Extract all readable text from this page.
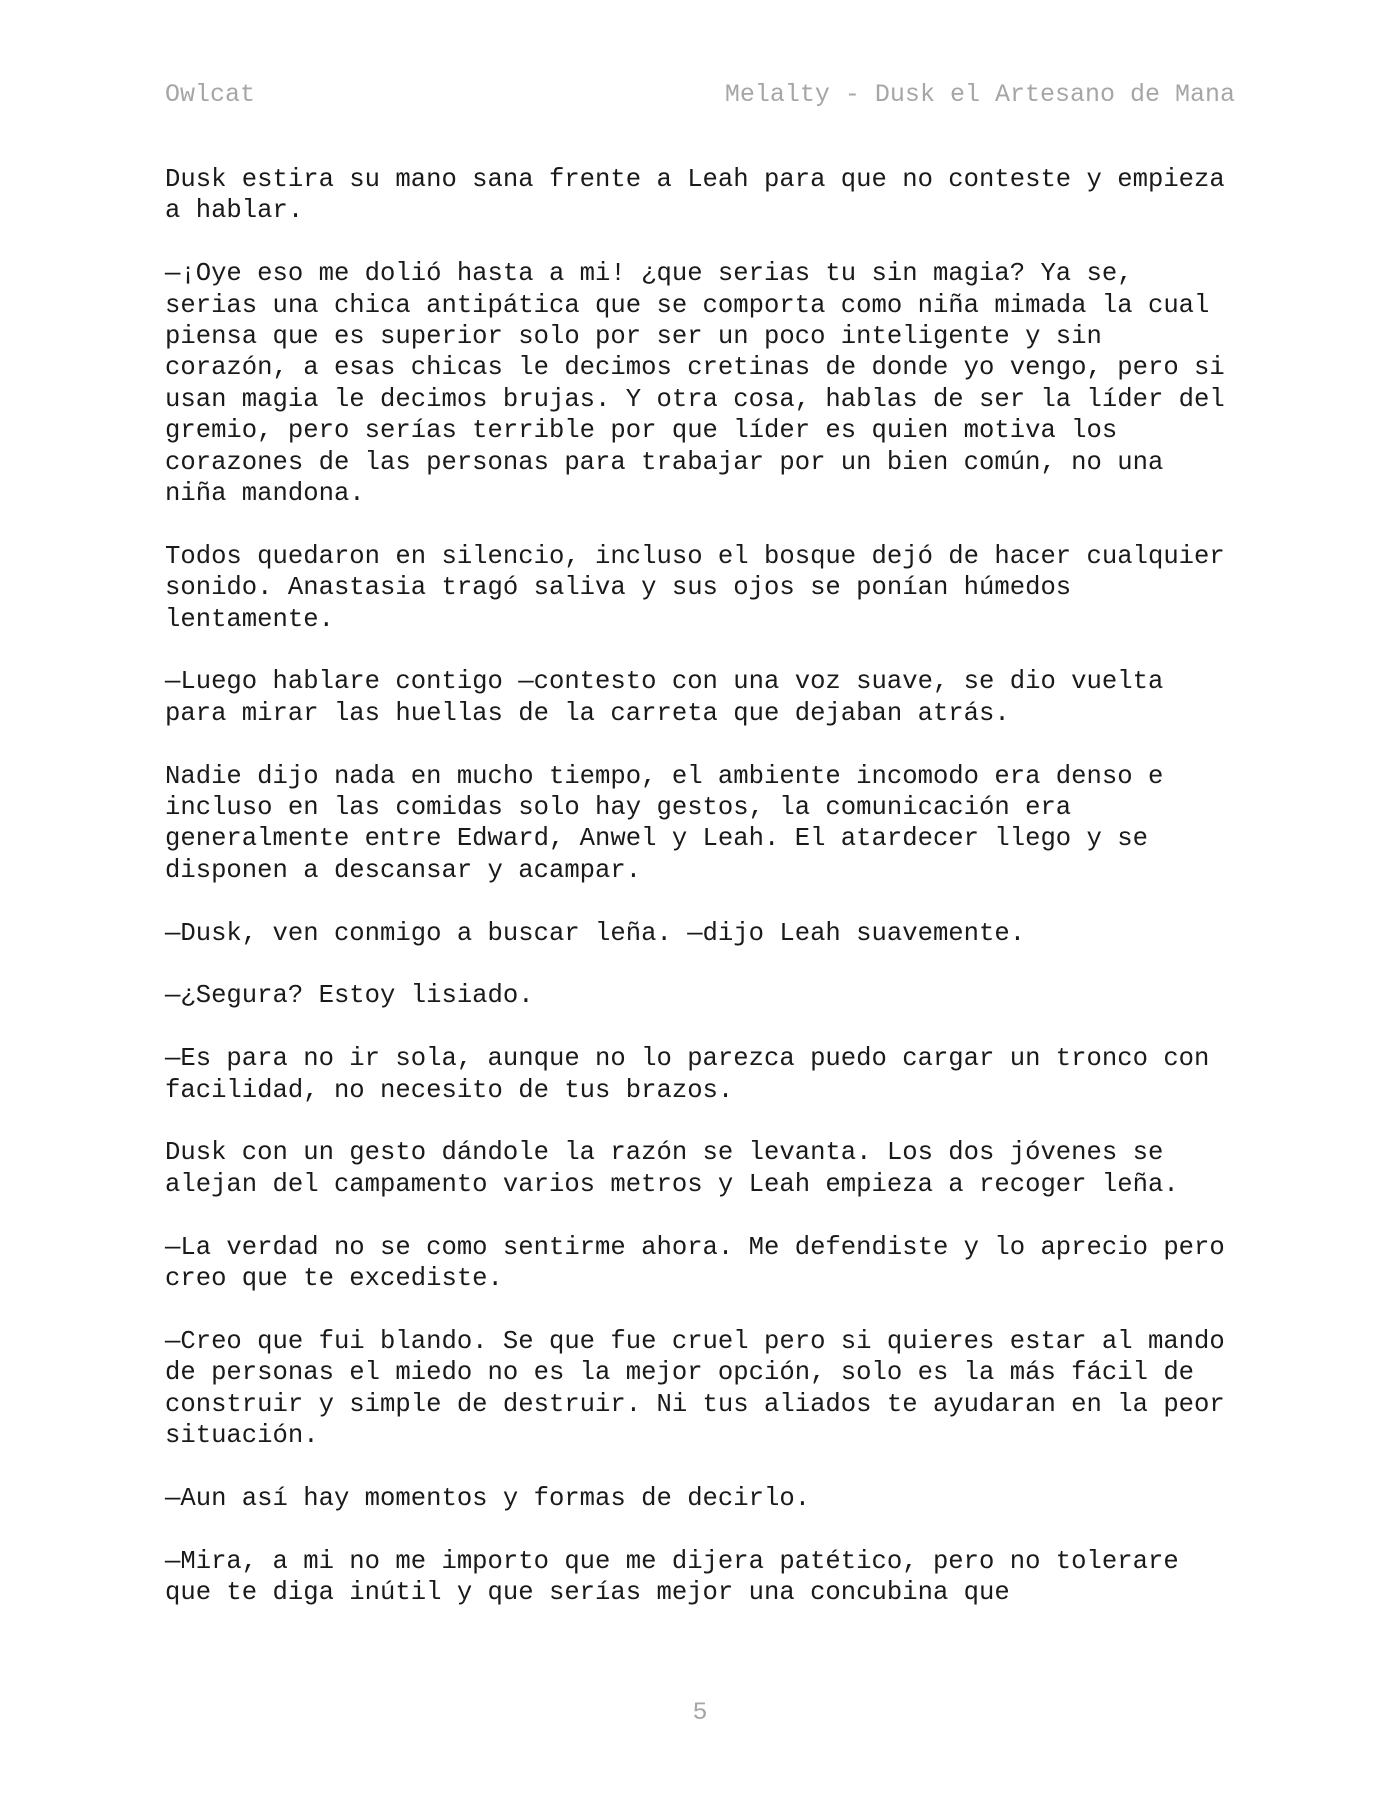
Owlcat	Melalty - Dusk el Artesano de Mana

Dusk estira su mano sana frente a Leah para que no conteste y empieza a hablar.

—¡Oye eso me dolió hasta a mi! ¿que serias tu sin magia? Ya se, serias una chica antipática que se comporta como niña mimada la cual piensa que es superior solo por ser un poco inteligente y sin corazón, a esas chicas le decimos cretinas de donde yo vengo, pero si usan magia le decimos brujas. Y otra cosa, hablas de ser la líder del gremio, pero serías terrible por que líder es quien motiva los corazones de las personas para trabajar por un bien común, no una niña mandona.

Todos quedaron en silencio, incluso el bosque dejó de hacer cualquier sonido. Anastasia tragó saliva y sus ojos se ponían húmedos lentamente.

—Luego hablare contigo —contesto con una voz suave, se dio vuelta para mirar las huellas de la carreta que dejaban atrás.

Nadie dijo nada en mucho tiempo, el ambiente incomodo era denso e incluso en las comidas solo hay gestos, la comunicación era generalmente entre Edward, Anwel y Leah. El atardecer llego y se disponen a descansar y acampar.

—Dusk, ven conmigo a buscar leña. —dijo Leah suavemente.

—¿Segura? Estoy lisiado.

—Es para no ir sola, aunque no lo parezca puedo cargar un tronco con facilidad, no necesito de tus brazos.

Dusk con un gesto dándole la razón se levanta. Los dos jóvenes se alejan del campamento varios metros y Leah empieza a recoger leña.

—La verdad no se como sentirme ahora. Me defendiste y lo aprecio pero creo que te excediste.

—Creo que fui blando. Se que fue cruel pero si quieres estar al mando de personas el miedo no es la mejor opción, solo es la más fácil de construir y simple de destruir. Ni tus aliados te ayudaran en la peor situación.

—Aun así hay momentos y formas de decirlo.

—Mira, a mi no me importo que me dijera patético, pero no tolerare que te diga inútil y que serías mejor una concubina que

5
